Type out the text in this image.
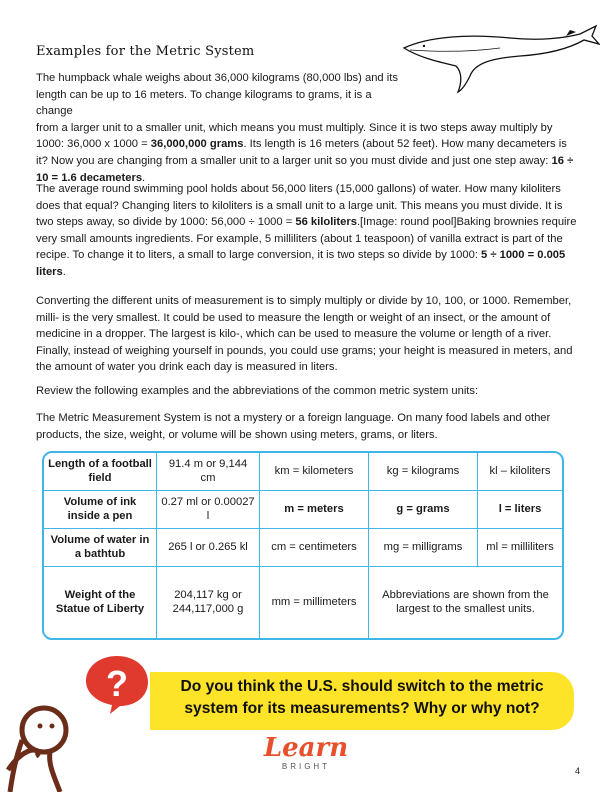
Examples for the Metric System

The humpback whale weighs about 36,000 kilograms (80,000 lbs) and its
length can be up to 16 meters. To change kilograms to grams, it is a change
from a larger unit to a smaller unit, which means you must multiply. Since it is two steps away multiply by 1000: 36,000 x 1000 = 36,000,000 grams. Its length is 16 meters (about 52 feet). How many decameters is it? Now you are changing from a smaller unit to a larger unit so you must divide and just one step away: 16 ÷ 10 = 1.6 decameters.

The average round swimming pool holds about 56,000 liters (15,000 gallons) of water. How many kiloliters does that equal? Changing liters to kiloliters is a small unit to a large unit. This means you must divide. It is two steps away, so divide by 1000: 56,000 ÷ 1000 = 56 kiloliters.[Image: round pool]Baking brownies require very small amounts ingredients. For example, 5 milliliters (about 1 teaspoon) of vanilla extract is part of the recipe. To change it to liters, a small to large conversion, it is two steps so divide by 1000: 5 ÷ 1000 = 0.005 liters.

Converting the different units of measurement is to simply multiply or divide by 10, 100, or 1000. Remember, milli- is the very smallest. It could be used to measure the length or weight of an insect, or the amount of medicine in a dropper. The largest is kilo-, which can be used to measure the volume or length of a river. Finally, instead of weighing yourself in pounds, you could use grams; your height is measured in meters, and the amount of water you drink each day is measured in liters.

Review the following examples and the abbreviations of the common metric system units:

The Metric Measurement System is not a mystery or a foreign language. On many food labels and other products, the size, weight, or volume will be shown using meters, grams, or liters.

Length of a football field	91.4 m or 9,144 cm	km = kilometers	kg = kilograms	kl – kiloliters
Volume of ink inside a pen	0.27 ml or 0.00027 l	m = meters	g = grams	l = liters
Volume of water in a bathtub	265 l or 0.265 kl	cm = centimeters	mg = milligrams	ml = milliliters
Weight of the Statue of Liberty	204,117 kg or 244,117,000 g	mm = millimeters	Abbreviations are shown from the largest to the smallest units.	
Do you think the U.S. should switch to the metric
system for its measurements? Why or why not?
?
Learn
BRIGHT	4
